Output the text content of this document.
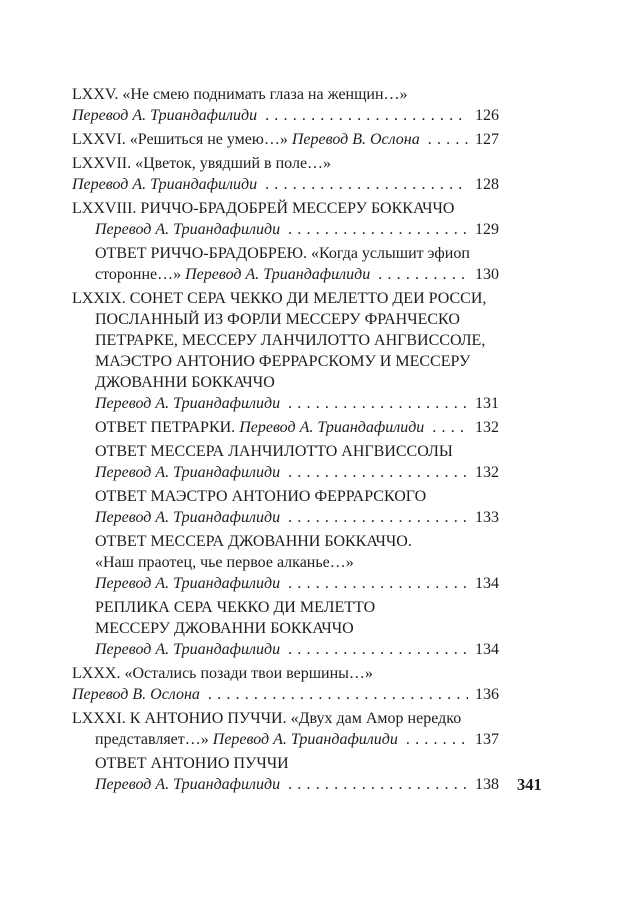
LXXV. «Не смею поднимать глаза на женщин…»
Перевод А. Триандафилиди .....	126
LXXVI. «Решиться не умею…» Перевод В. Ослона .....	127
LXXVII. «Цветок, увядший в поле…»
Перевод А. Триандафилиди .....	128
LXXVIII. РИЧЧО-БРАДОБРЕЙ МЕССЕРУ БОККАЧЧО
Перевод А. Триандафилиди .....	129
ОТВЕТ РИЧЧО-БРАДОБРЕЮ. «Когда услышит эфиоп
сторонне…» Перевод А. Триандафилиди .....	130
LXXIX. СОНЕТ СЕРА ЧЕККО ДИ МЕЛЕТТО ДЕИ РОССИ,
ПОСЛАННЫЙ ИЗ ФОРЛИ МЕССЕРУ ФРАНЧЕСКО
ПЕТРАРКЕ, МЕССЕРУ ЛАНЧИЛОТТО АНГВИССОЛЕ,
МАЭСТРО АНТОНИО ФЕРРАРСКОМУ И МЕССЕРУ
ДЖОВАННИ БОККАЧЧО
Перевод А. Триандафилиди .....	131
ОТВЕТ ПЕТРАРКИ. Перевод А. Триандафилиди .....	132
ОТВЕТ МЕССЕРА ЛАНЧИЛОТТО АНГВИССОЛЫ
Перевод А. Триандафилиди .....	132
ОТВЕТ МАЭСТРО АНТОНИО ФЕРРАРСКОГО
Перевод А. Триандафилиди .....	133
ОТВЕТ МЕССЕРА ДЖОВАННИ БОККАЧЧО.
«Наш праотец, чье первое алканье…»
Перевод А. Триандафилиди .....	134
РЕПЛИКА СЕРА ЧЕККО ДИ МЕЛЕТТО
МЕССЕРУ ДЖОВАННИ БОККАЧЧО
Перевод А. Триандафилиди .....	134
LXXX. «Остались позади твои вершины…»
Перевод В. Ослона .....	136
LXXXI. К АНТОНИО ПУЧЧИ. «Двух дам Амор нередко
представляет…» Перевод А. Триандафилиди .....	137
ОТВЕТ АНТОНИО ПУЧЧИ
Перевод А. Триандафилиди .....	138 341
